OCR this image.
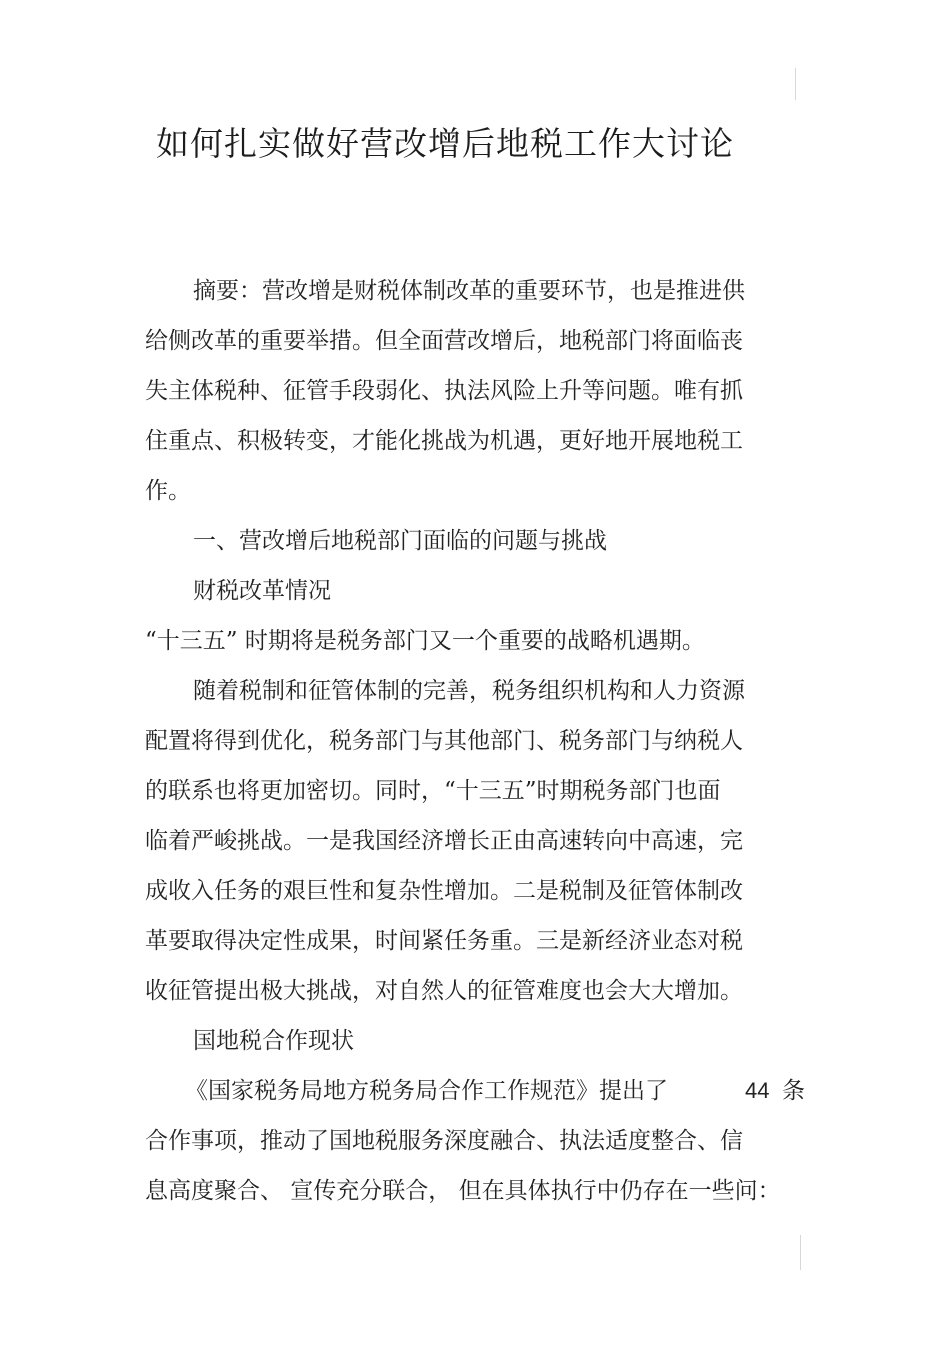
如何扎实做好营改增后地税工作大讨论
摘要：营改增是财税体制改革的重要环节，也是推进供
给侧改革的重要举措。但全面营改增后，地税部门将面临丧
失主体税种、征管手段弱化、执法风险上升等问题。唯有抓
住重点、积极转变，才能化挑战为机遇，更好地开展地税工
作。
一、营改增后地税部门面临的问题与挑战
财税改革情况
“十三五” 时期将是税务部门又一个重要的战略机遇期。
随着税制和征管体制的完善，税务组织机构和人力资源
配置将得到优化，税务部门与其他部门、税务部门与纳税人
的联系也将更加密切。同时，“十三五”时期税务部门也面
临着严峻挑战。一是我国经济增长正由高速转向中高速，完
成收入任务的艰巨性和复杂性增加。二是税制及征管体制改
革要取得决定性成果，时间紧任务重。三是新经济业态对税
收征管提出极大挑战，对自然人的征管难度也会大大增加。
国地税合作现状
《国家税务局地方税务局合作工作规范》提出了	44 条
合作事项，推动了国地税服务深度融合、执法适度整合、信
息高度聚合、 宣传充分联合， 但在具体执行中仍存在一些问：
